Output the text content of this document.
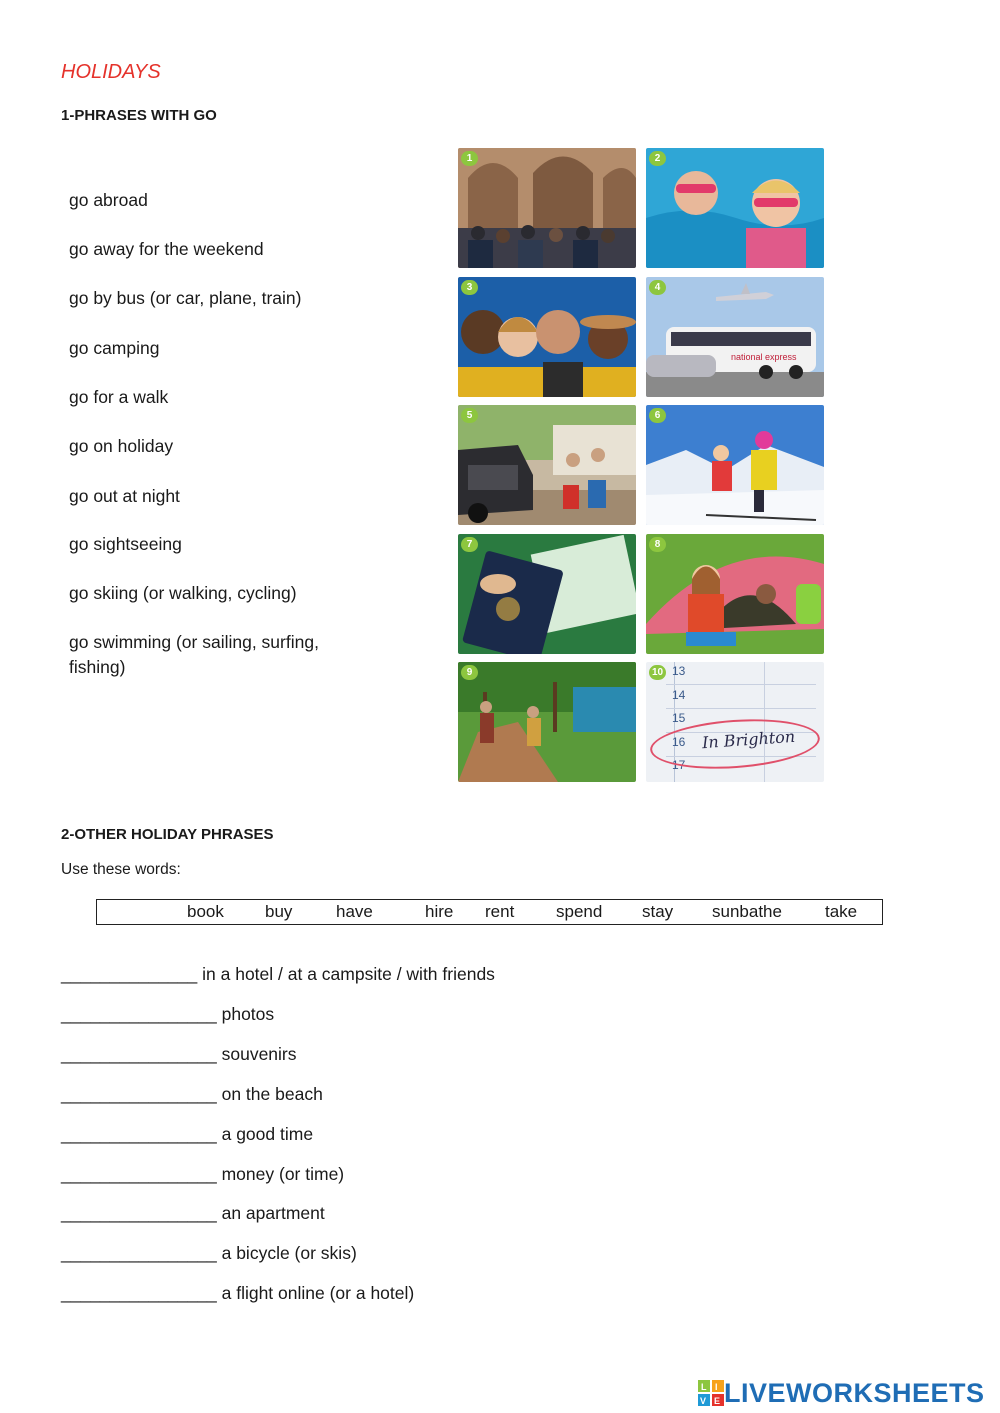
HOLIDAYS
1-PHRASES WITH GO
go abroad
go away for the weekend
go by bus (or car, plane, train)
go camping
go for a walk
go on holiday
go out at night
go sightseeing
go skiing (or walking, cycling)
go swimming (or sailing, surfing, fishing)
1	2
3
national express
4
5	6
7	8
9	13
14
15
16
17
In Brighton
10
2-OTHER HOLIDAY PHRASES
Use these words:
book buy	have	hire rent spend stay sunbathe	take
______________ in a hotel / at a campsite / with friends
________________ photos
________________ souvenirs
________________ on the beach
________________ a good time
________________ money (or time)
________________ an apartment
________________ a bicycle (or skis)
________________ a flight online (or a hotel)
L I
V E LIVEWORKSHEETS
